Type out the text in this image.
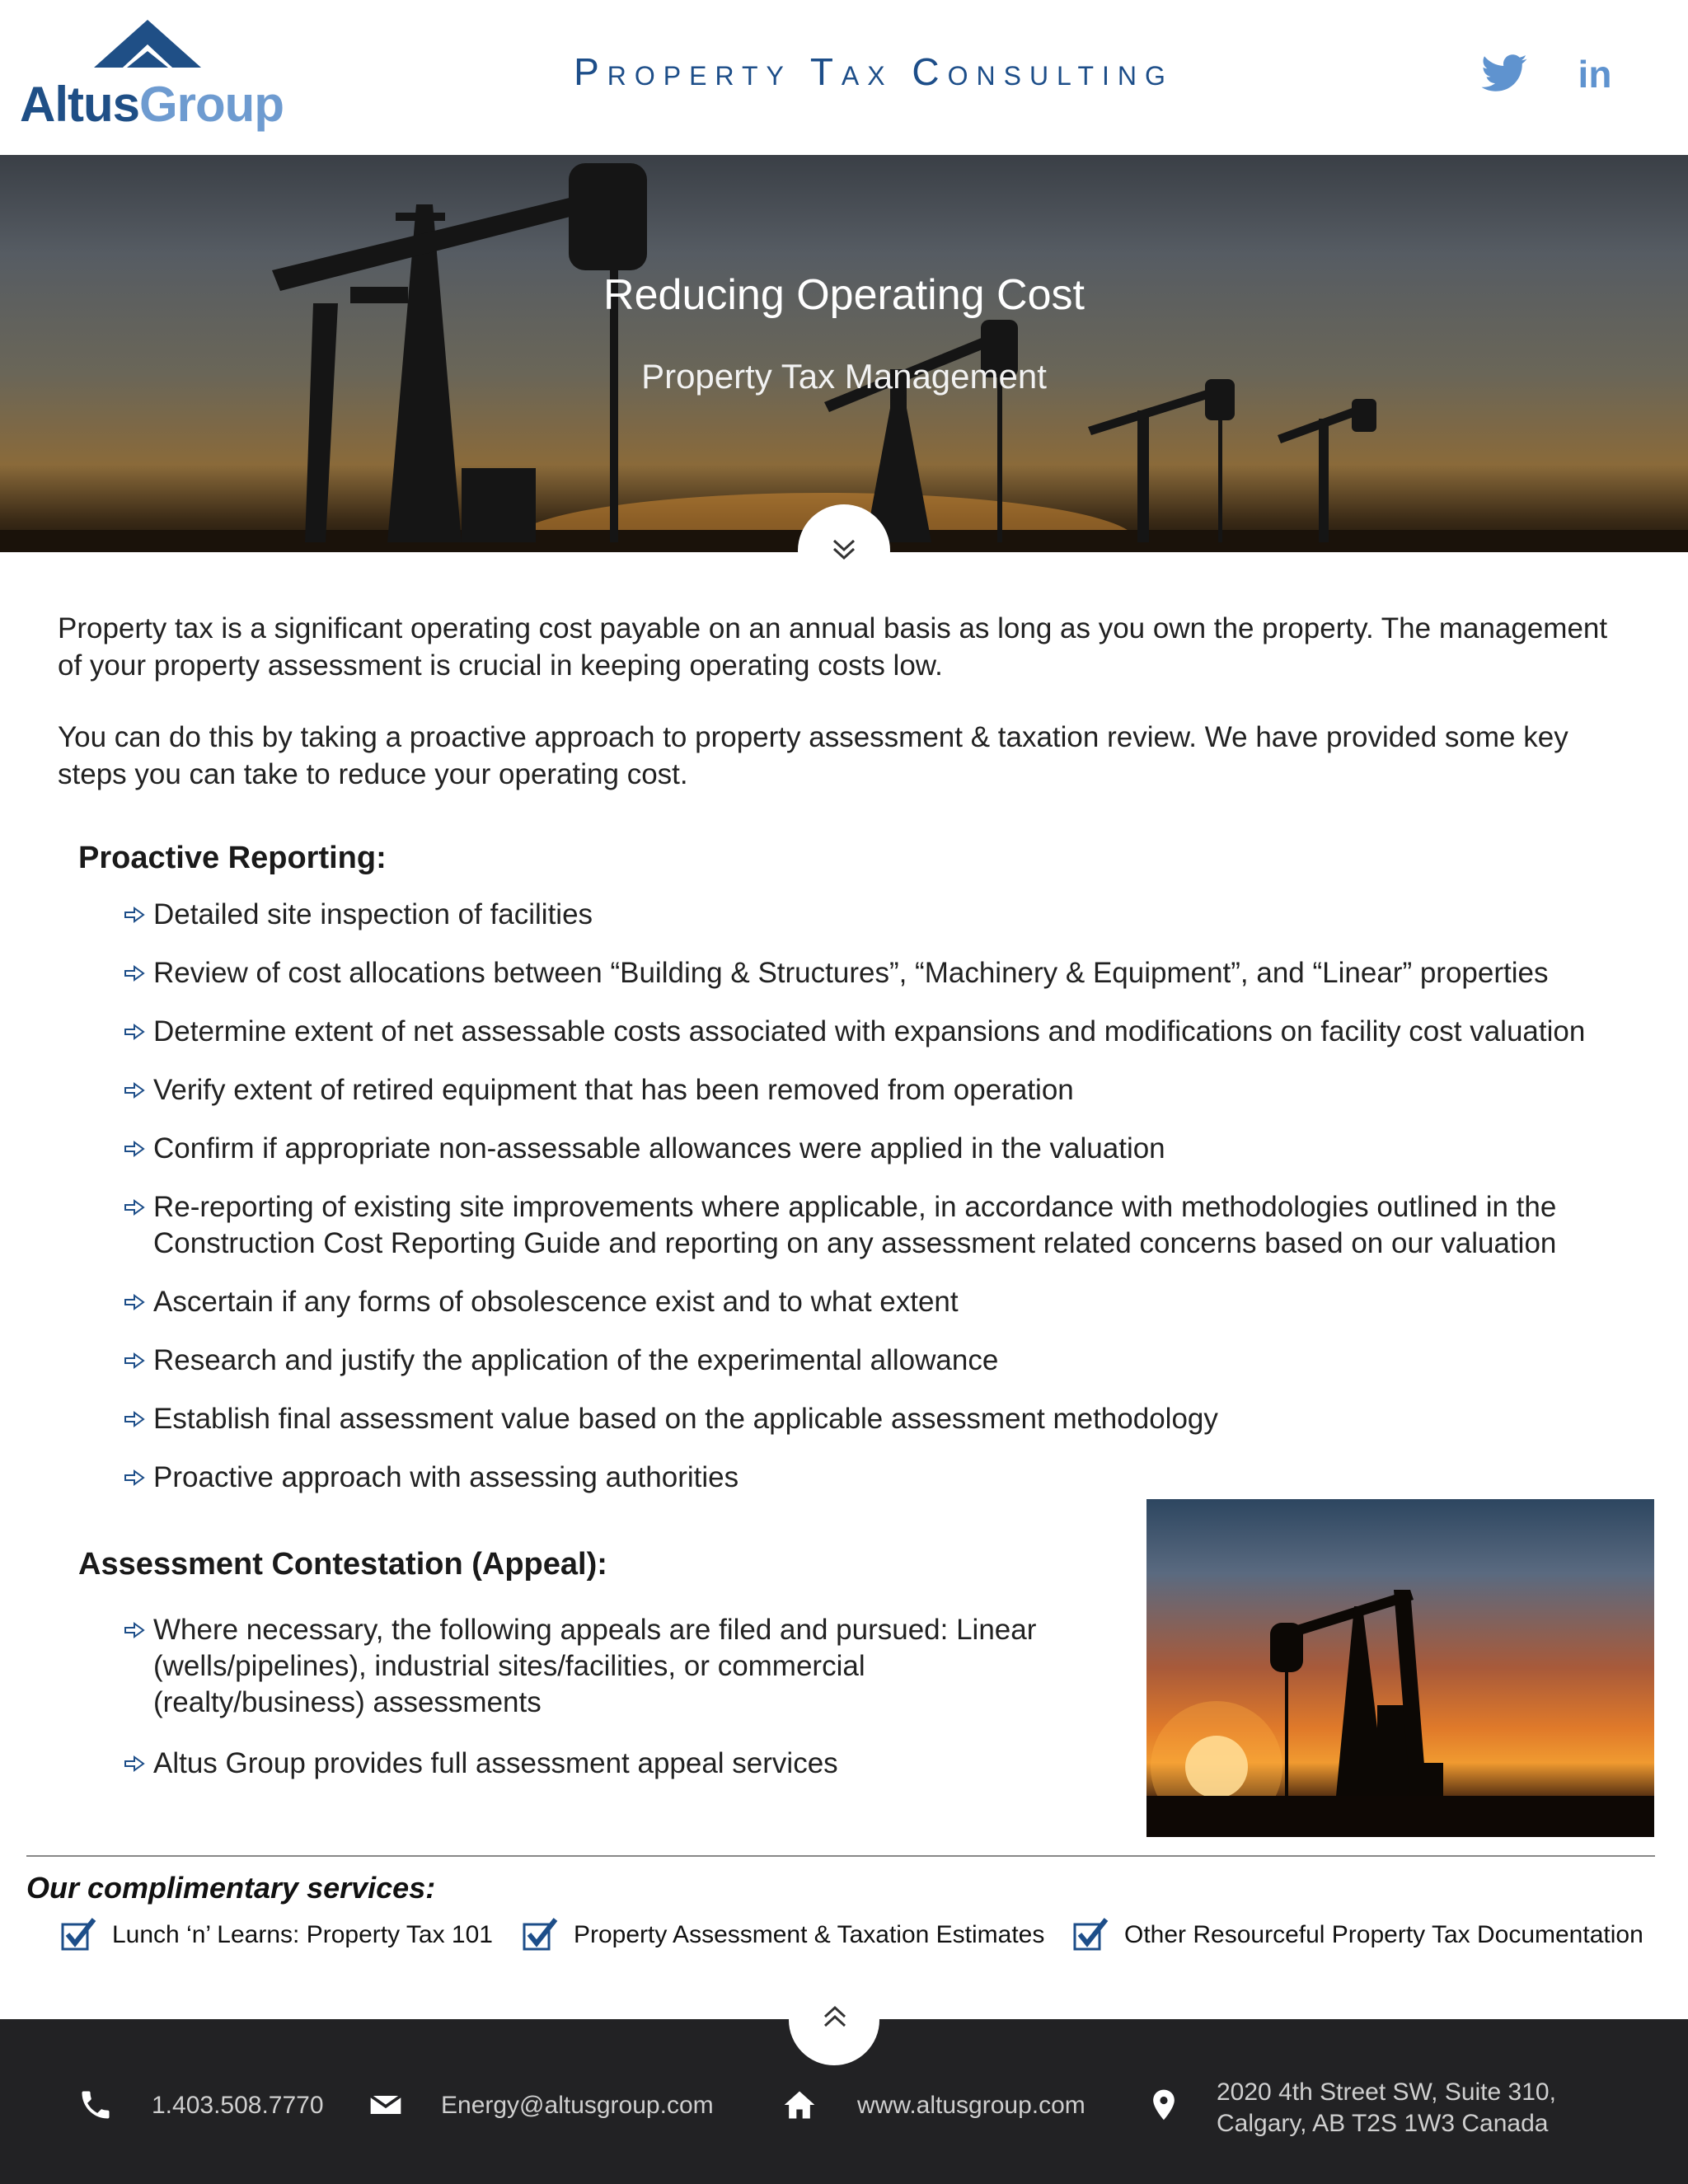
AltusGroup
Property Tax Consulting	in
Reducing Operating Cost
Property Tax Management

Property tax is a significant operating cost payable on an annual basis as long as you own the property. The management of your property assessment is crucial in keeping operating costs low.

You can do this by taking a proactive approach to property assessment & taxation review. We have provided some key steps you can take to reduce your operating cost.

Proactive Reporting:
Detailed site inspection of facilities
Review of cost allocations between “Building & Structures”, “Machinery & Equipment”, and “Linear” properties
Determine extent of net assessable costs associated with expansions and modifications on facility cost valuation
Verify extent of retired equipment that has been removed from operation
Confirm if appropriate non-assessable allowances were applied in the valuation
Re-reporting of existing site improvements where applicable, in accordance with methodologies outlined in the Construction Cost Reporting Guide and reporting on any assessment related concerns based on our valuation
Ascertain if any forms of obsolescence exist and to what extent
Research and justify the application of the experimental allowance
Establish final assessment value based on the applicable assessment methodology
Proactive approach with assessing authorities
Assessment Contestation (Appeal):
Where necessary, the following appeals are filed and pursued: Linear (wells/pipelines), industrial sites/facilities, or commercial (realty/business) assessments
Altus Group provides full assessment appeal services
Our complimentary services:
Lunch ‘n’ Learns: Property Tax 101	Property Assessment & Taxation Estimates	Other Resourceful Property Tax Documentation
1.403.508.7770	Energy@altusgroup.com	www.altusgroup.com	2020 4th Street SW, Suite 310,
Calgary, AB T2S 1W3 Canada
